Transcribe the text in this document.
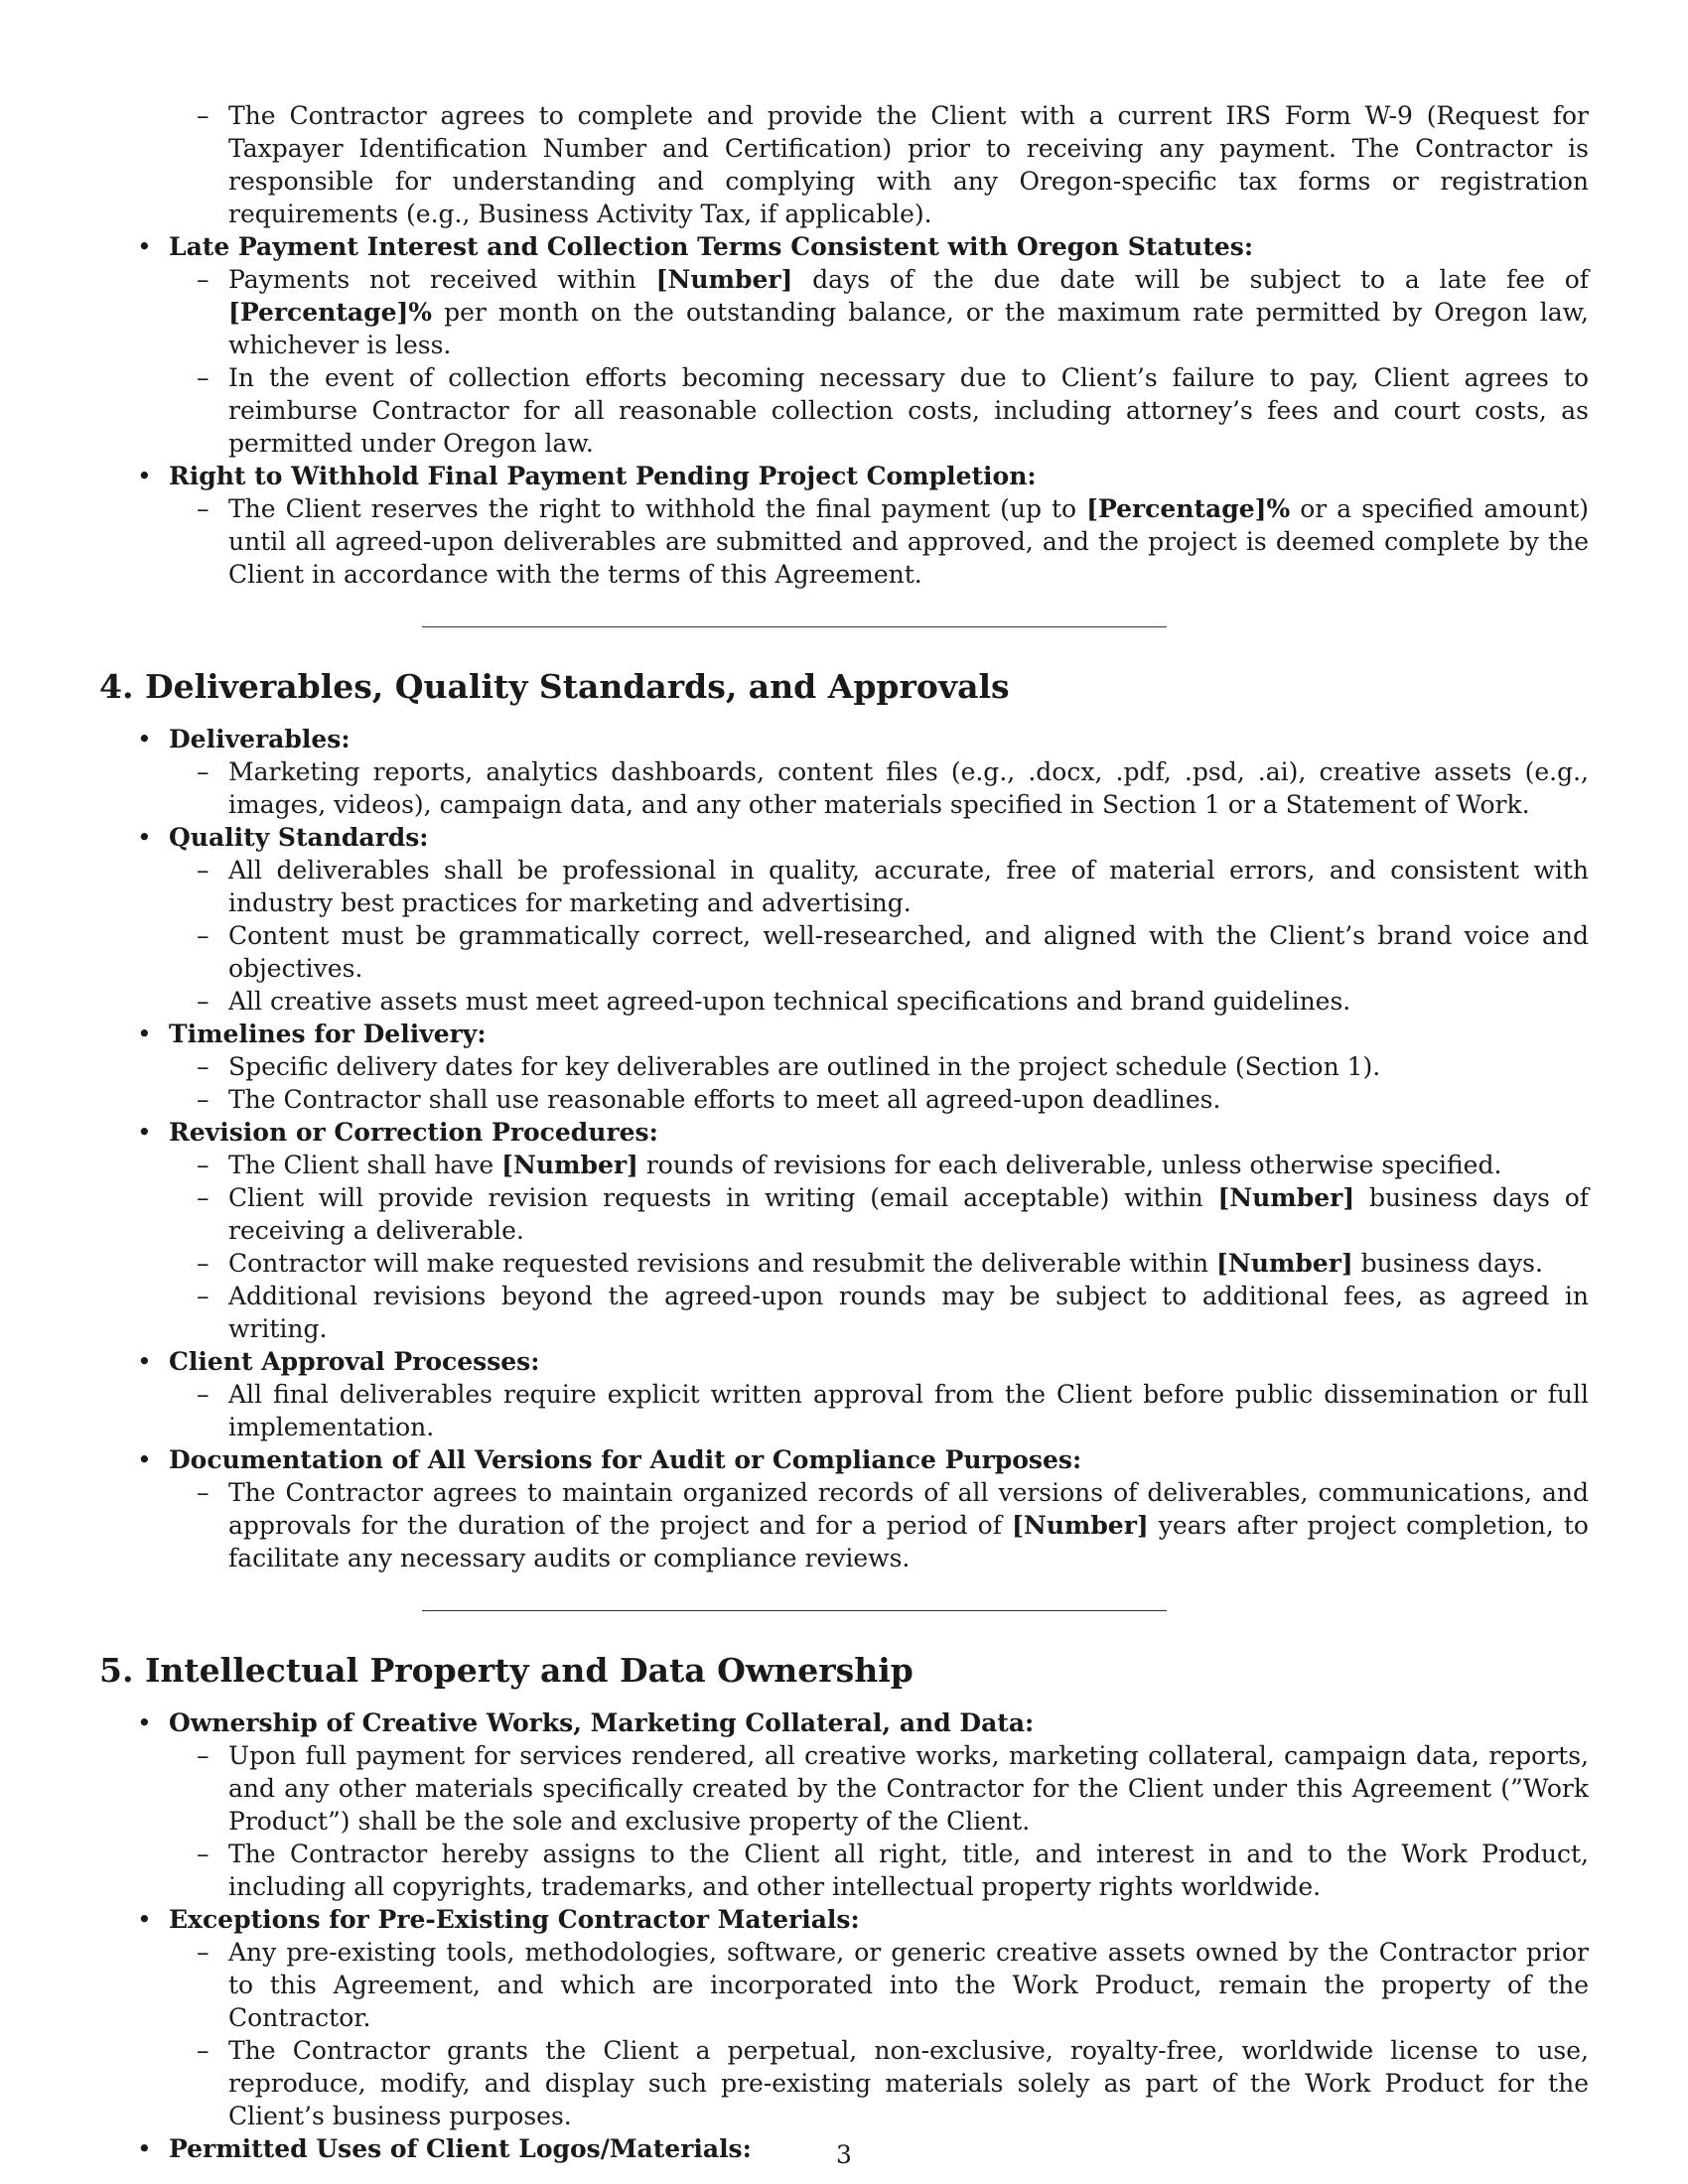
– The Contractor agrees to complete and provide the Client with a current IRS Form W-9 (Request for Taxpayer Identification Number and Certification) prior to receiving any payment. The Contractor is responsible for understanding and complying with any Oregon-specific tax forms or registration requirements (e.g., Business Activity Tax, if applicable).
• Late Payment Interest and Collection Terms Consistent with Oregon Statutes:
– Payments not received within [Number] days of the due date will be subject to a late fee of [Percentage]% per month on the outstanding balance, or the maximum rate permitted by Oregon law, whichever is less.
– In the event of collection efforts becoming necessary due to Client’s failure to pay, Client agrees to reimburse Contractor for all reasonable collection costs, including attorney’s fees and court costs, as permitted under Oregon law.
• Right to Withhold Final Payment Pending Project Completion:
– The Client reserves the right to withhold the final payment (up to [Percentage]% or a specified amount) until all agreed-upon deliverables are submitted and approved, and the project is deemed complete by the Client in accordance with the terms of this Agreement.
4. Deliverables, Quality Standards, and Approvals
• Deliverables:
– Marketing reports, analytics dashboards, content files (e.g., .docx, .pdf, .psd, .ai), creative assets (e.g., images, videos), campaign data, and any other materials specified in Section 1 or a Statement of Work.
• Quality Standards:
– All deliverables shall be professional in quality, accurate, free of material errors, and consistent with industry best practices for marketing and advertising.
– Content must be grammatically correct, well-researched, and aligned with the Client’s brand voice and objectives.
– All creative assets must meet agreed-upon technical specifications and brand guidelines.
• Timelines for Delivery:
– Specific delivery dates for key deliverables are outlined in the project schedule (Section 1).
– The Contractor shall use reasonable efforts to meet all agreed-upon deadlines.
• Revision or Correction Procedures:
– The Client shall have [Number] rounds of revisions for each deliverable, unless otherwise specified.
– Client will provide revision requests in writing (email acceptable) within [Number] business days of receiving a deliverable.
– Contractor will make requested revisions and resubmit the deliverable within [Number] business days.
– Additional revisions beyond the agreed-upon rounds may be subject to additional fees, as agreed in writing.
• Client Approval Processes:
– All final deliverables require explicit written approval from the Client before public dissemination or full implementation.
• Documentation of All Versions for Audit or Compliance Purposes:
– The Contractor agrees to maintain organized records of all versions of deliverables, communications, and approvals for the duration of the project and for a period of [Number] years after project completion, to facilitate any necessary audits or compliance reviews.
5. Intellectual Property and Data Ownership
• Ownership of Creative Works, Marketing Collateral, and Data:
– Upon full payment for services rendered, all creative works, marketing collateral, campaign data, reports, and any other materials specifically created by the Contractor for the Client under this Agreement (”Work Product”) shall be the sole and exclusive property of the Client.
– The Contractor hereby assigns to the Client all right, title, and interest in and to the Work Product, including all copyrights, trademarks, and other intellectual property rights worldwide.
• Exceptions for Pre-Existing Contractor Materials:
– Any pre-existing tools, methodologies, software, or generic creative assets owned by the Contractor prior to this Agreement, and which are incorporated into the Work Product, remain the property of the Contractor.
– The Contractor grants the Client a perpetual, non-exclusive, royalty-free, worldwide license to use, reproduce, modify, and display such pre-existing materials solely as part of the Work Product for the Client’s business purposes.
• Permitted Uses of Client Logos/Materials:	3
